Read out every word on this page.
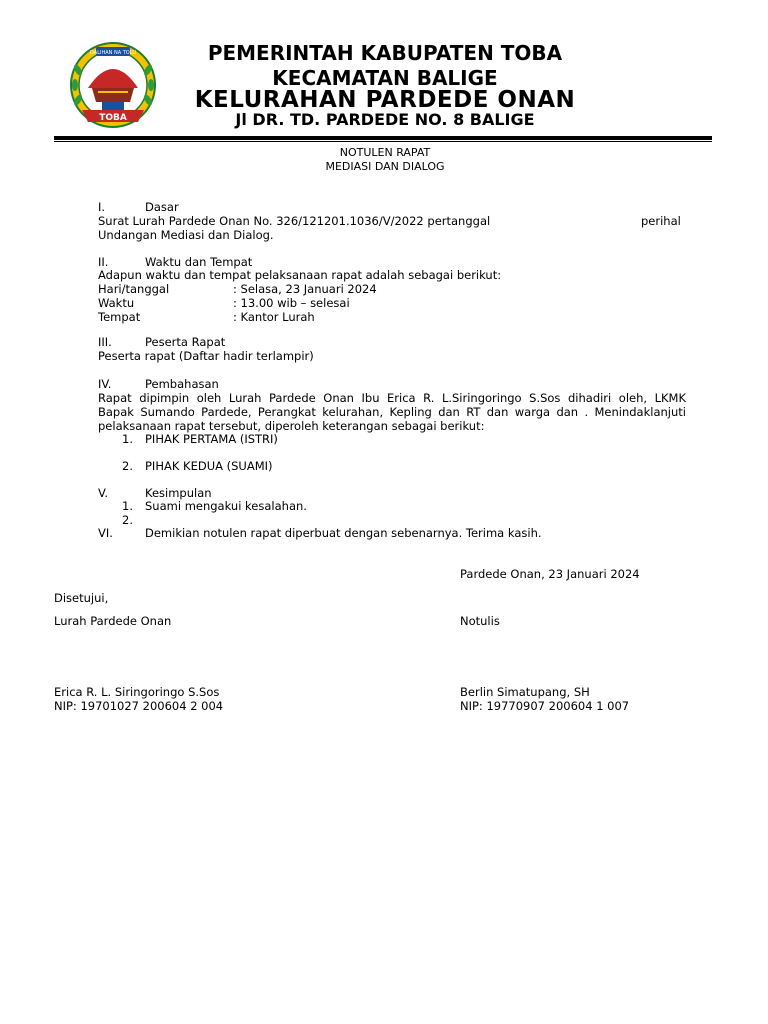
DALIHAN NA TOLU
TOBA
PEMERINTAH KABUPATEN TOBA
KECAMATAN BALIGE
KELURAHAN PARDEDE ONAN
Jl DR. TD. PARDEDE NO. 8 BALIGE
NOTULEN RAPAT
MEDIASI DAN DIALOG
I.	Dasar
Surat Lurah Pardede Onan No. 326/121201.1036/V/2022 pertanggal	perihal
Undangan Mediasi dan Dialog.
II.	Waktu dan Tempat
Adapun waktu dan tempat pelaksanaan rapat adalah sebagai berikut:
Hari/tanggal	: Selasa, 23 Januari 2024
Waktu	: 13.00 wib – selesai
Tempat	: Kantor Lurah
III.	Peserta Rapat
Peserta rapat (Daftar hadir terlampir)
IV.	Pembahasan
Rapat dipimpin oleh Lurah Pardede Onan Ibu Erica R. L.Siringoringo S.Sos dihadiri oleh, LKMK
Bapak Sumando Pardede, Perangkat kelurahan, Kepling dan RT dan warga dan . Menindaklanjuti
pelaksanaan rapat tersebut, diperoleh keterangan sebagai berikut:
1. PIHAK PERTAMA (ISTRI)
2. PIHAK KEDUA (SUAMI)
V.	Kesimpulan
1. Suami mengakui kesalahan.
2.
VI.	Demikian notulen rapat diperbuat dengan sebenarnya. Terima kasih.
Pardede Onan, 23 Januari 2024
Disetujui,
Lurah Pardede Onan	Notulis
Erica R. L. Siringoringo S.Sos
NIP: 19701027 200604 2 004
Berlin Simatupang, SH
NIP: 19770907 200604 1 007
